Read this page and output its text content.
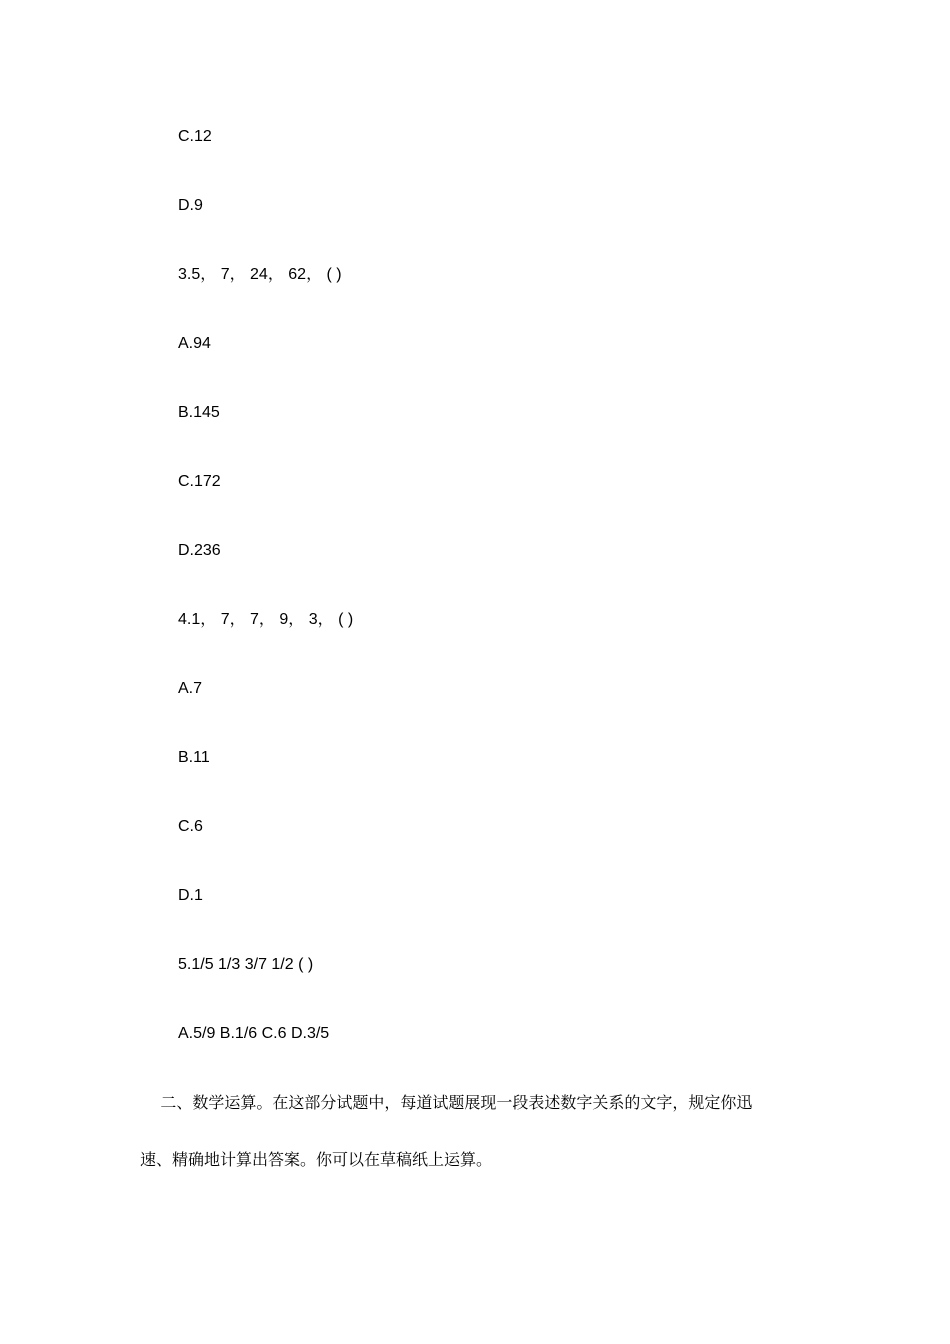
C.12
D.9
3.5， 7， 24， 62， ( )
A.94
B.145
C.172
D.236
4.1， 7， 7， 9， 3， ( )
A.7
B.11
C.6
D.1
5.1/5 1/3 3/7 1/2 ( )
A.5/9 B.1/6 C.6 D.3/5
二、数学运算。在这部分试题中，每道试题展现一段表述数字关系的文字，规定你迅
速、精确地计算出答案。你可以在草稿纸上运算。
